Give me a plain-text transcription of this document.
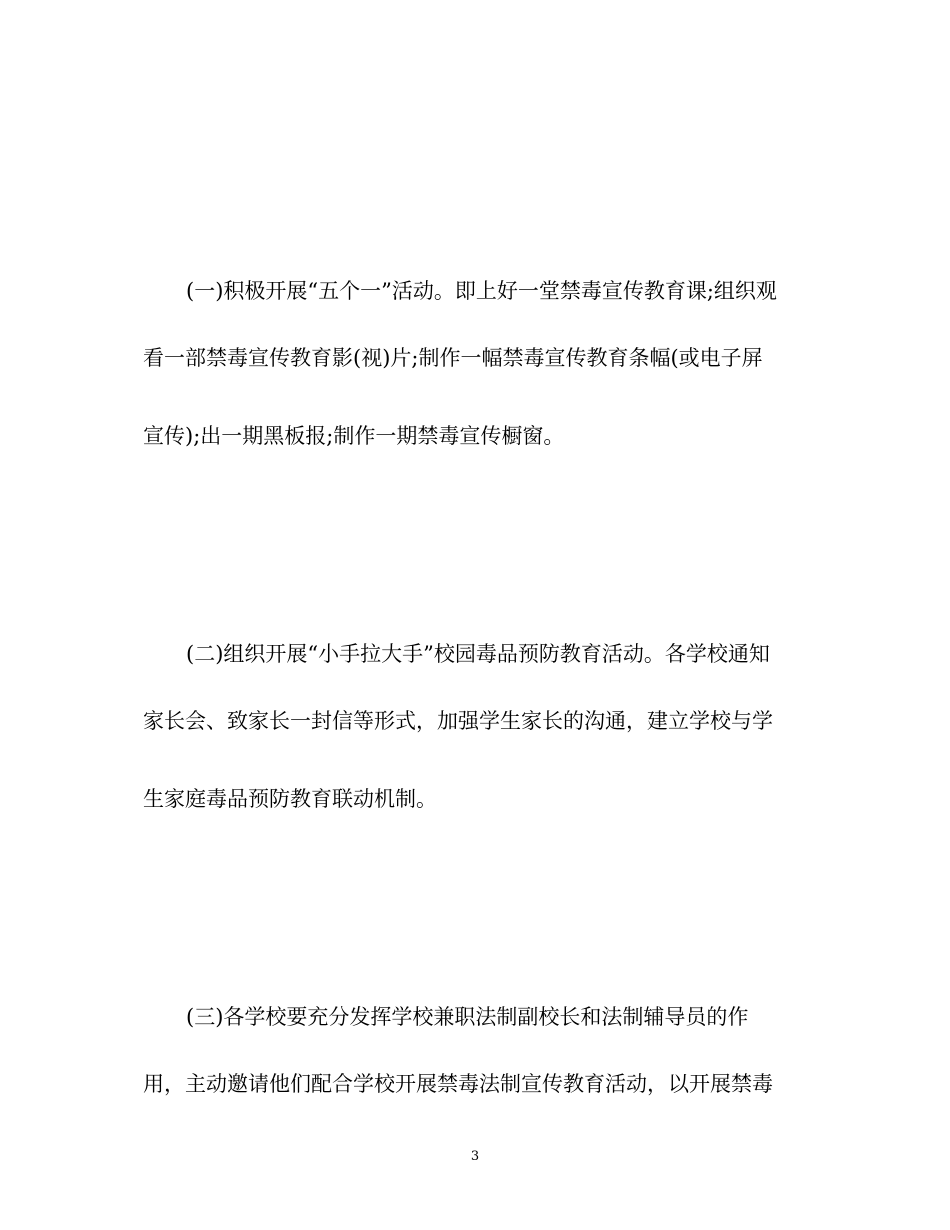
(一)积极开展“五个一”活动。即上好一堂禁毒宣传教育课;组织观
看一部禁毒宣传教育影(视)片;制作一幅禁毒宣传教育条幅(或电子屏
宣传);出一期黑板报;制作一期禁毒宣传橱窗。
(二)组织开展“小手拉大手”校园毒品预防教育活动。各学校通知
家长会、致家长一封信等形式，加强学生家长的沟通，建立学校与学
生家庭毒品预防教育联动机制。
(三)各学校要充分发挥学校兼职法制副校长和法制辅导员的作
用，主动邀请他们配合学校开展禁毒法制宣传教育活动，以开展禁毒
3
